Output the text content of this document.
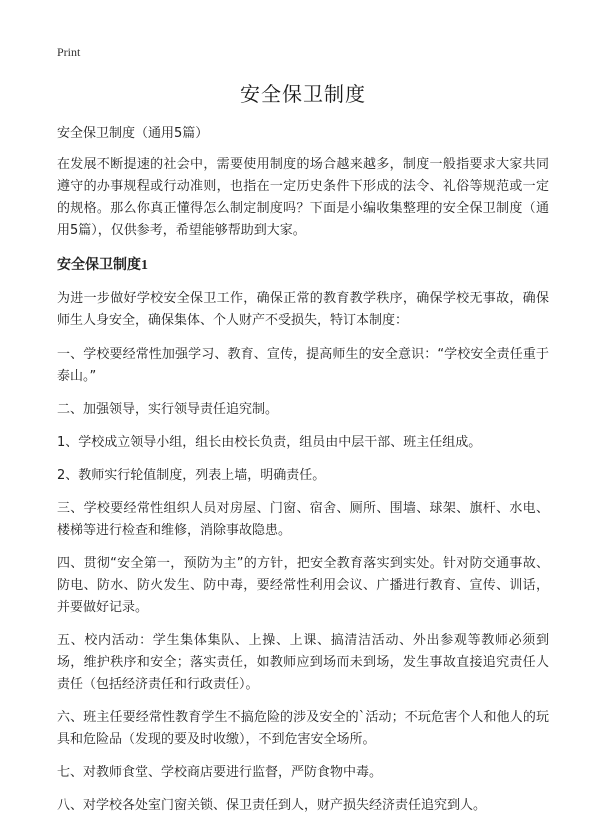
Print
安全保卫制度
安全保卫制度（通用5篇）

在发展不断提速的社会中，需要使用制度的场合越来越多，制度一般指要求大家共同遵守的办事规程或行动准则，也指在一定历史条件下形成的法令、礼俗等规范或一定的规格。那么你真正懂得怎么制定制度吗？下面是小编收集整理的安全保卫制度（通用5篇），仅供参考，希望能够帮助到大家。

安全保卫制度1

为进一步做好学校安全保卫工作，确保正常的教育教学秩序，确保学校无事故，确保师生人身安全，确保集体、个人财产不受损失，特订本制度：

一、学校要经常性加强学习、教育、宣传，提高师生的安全意识：“学校安全责任重于泰山。”

二、加强领导，实行领导责任追究制。

1、学校成立领导小组，组长由校长负责，组员由中层干部、班主任组成。

2、教师实行轮值制度，列表上墙，明确责任。

三、学校要经常性组织人员对房屋、门窗、宿舍、厕所、围墙、球架、旗杆、水电、楼梯等进行检查和维修，消除事故隐患。

四、贯彻“安全第一，预防为主”的方针，把安全教育落实到实处。针对防交通事故、防电、防水、防火发生、防中毒，要经常性利用会议、广播进行教育、宣传、训话，并要做好记录。

五、校内活动：学生集体集队、上操、上课、搞清洁活动、外出参观等教师必须到场，维护秩序和安全；落实责任，如教师应到场而未到场，发生事故直接追究责任人责任（包括经济责任和行政责任）。

六、班主任要经常性教育学生不搞危险的涉及安全的`活动；不玩危害个人和他人的玩具和危险品（发现的要及时收缴），不到危害安全场所。

七、对教师食堂、学校商店要进行监督，严防食物中毒。

八、对学校各处室门窗关锁、保卫责任到人，财产损失经济责任追究到人。
